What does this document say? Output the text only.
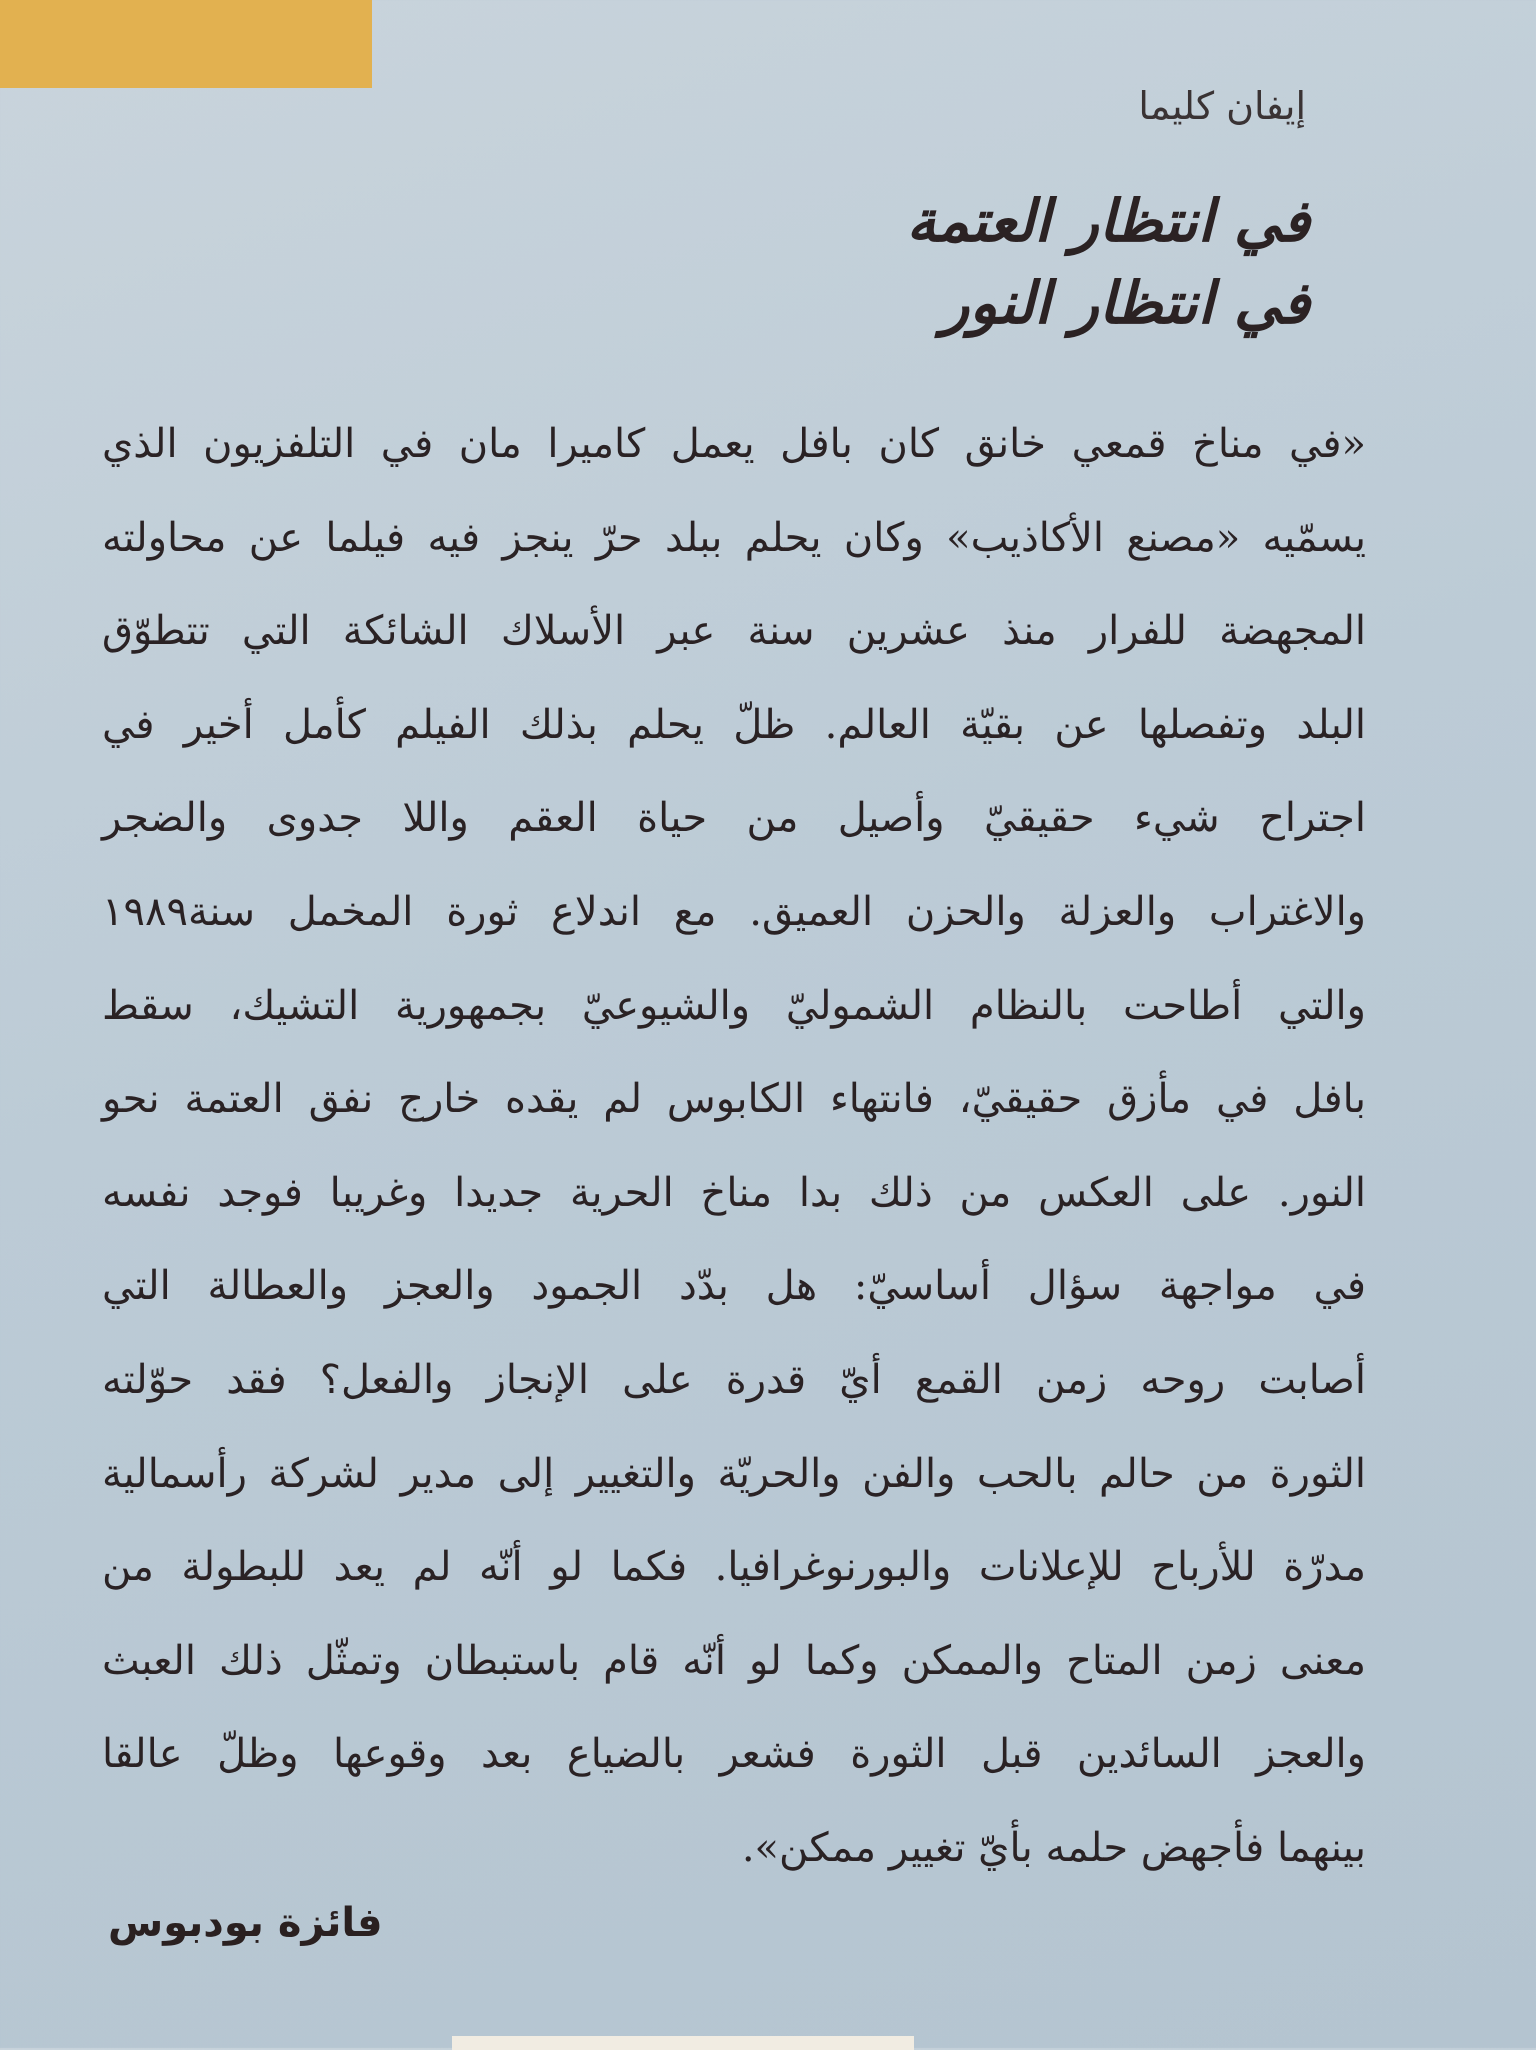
إيفان كليما
في انتظار العتمة
في انتظار النور
«في مناخ قمعي خانق كان بافل يعمل كاميرا مان في التلفزيون الذي
يسمّيه «مصنع الأكاذيب» وكان يحلم ببلد حرّ ينجز فيه فيلما عن محاولته
المجهضة للفرار منذ عشرين سنة عبر الأسلاك الشائكة التي تتطوّق
البلد وتفصلها عن بقيّة العالم. ظلّ يحلم بذلك الفيلم كأمل أخير في
اجتراح شيء حقيقيّ وأصيل من حياة العقم واللا جدوى والضجر
والاغتراب والعزلة والحزن العميق. مع اندلاع ثورة المخمل سنة١٩٨٩
والتي أطاحت بالنظام الشموليّ والشيوعيّ بجمهورية التشيك، سقط
بافل في مأزق حقيقيّ، فانتهاء الكابوس لم يقده خارج نفق العتمة نحو
النور. على العكس من ذلك بدا مناخ الحرية جديدا وغريبا فوجد نفسه
في مواجهة سؤال أساسيّ: هل بدّد الجمود والعجز والعطالة التي
أصابت روحه زمن القمع أيّ قدرة على الإنجاز والفعل؟ فقد حوّلته
الثورة من حالم بالحب والفن والحريّة والتغيير إلى مدير لشركة رأسمالية
مدرّة للأرباح للإعلانات والبورنوغرافيا. فكما لو أنّه لم يعد للبطولة من
معنى زمن المتاح والممكن وكما لو أنّه قام باستبطان وتمثّل ذلك العبث
والعجز السائدين قبل الثورة فشعر بالضياع بعد وقوعها وظلّ عالقا
بينهما فأجهض حلمه بأيّ تغيير ممكن».
فائزة بودبوس
